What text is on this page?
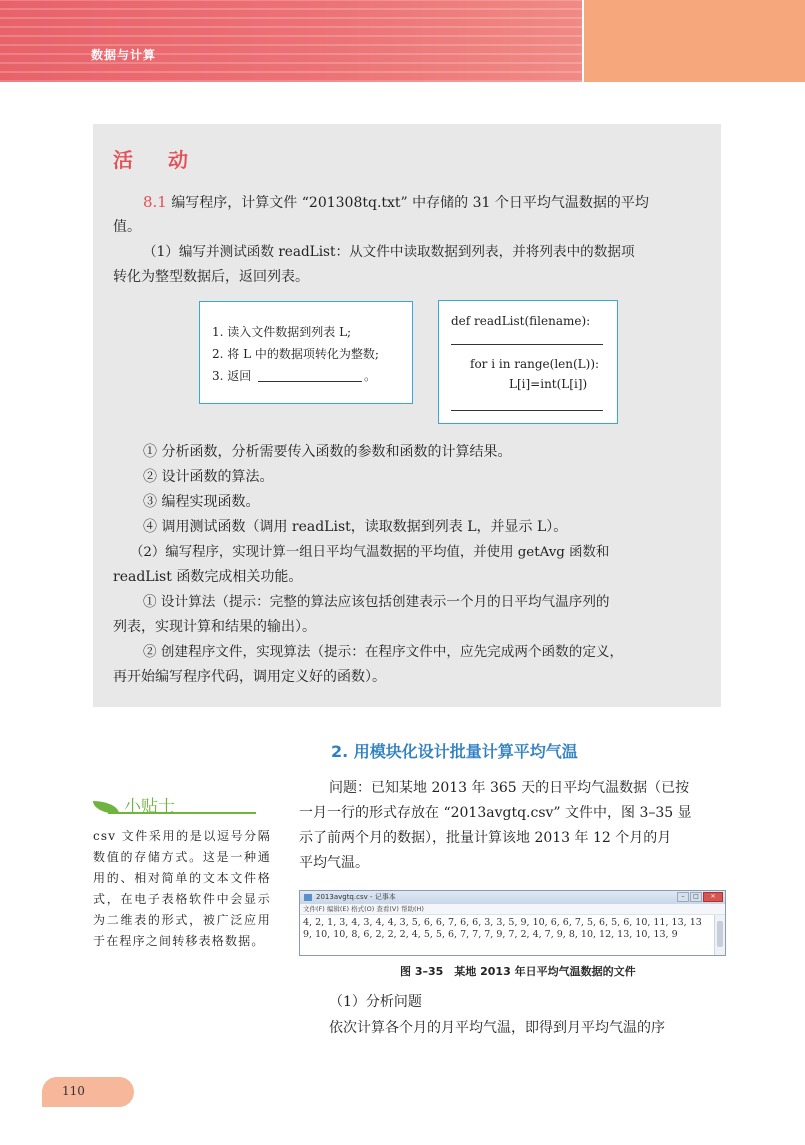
数据与计算
活 动
8.1 编写程序，计算文件 “201308tq.txt” 中存储的 31 个日平均气温数据的平均
值。
（1）编写并测试函数 readList：从文件中读取数据到列表，并将列表中的数据项
转化为整型数据后，返回列表。
1. 读入文件数据到列表 L;
2. 将 L 中的数据项转化为整数;
3. 返回	。
def readList(filename):
for i in range(len(L)):
L[i]=int(L[i])
① 分析函数，分析需要传入函数的参数和函数的计算结果。
② 设计函数的算法。
③ 编程实现函数。
④ 调用测试函数（调用 readList，读取数据到列表 L，并显示 L）。
（2）编写程序，实现计算一组日平均气温数据的平均值，并使用 getAvg 函数和
readList 函数完成相关功能。
① 设计算法（提示：完整的算法应该包括创建表示一个月的日平均气温序列的
列表，实现计算和结果的输出）。
② 创建程序文件，实现算法（提示：在程序文件中，应先完成两个函数的定义，
再开始编写程序代码，调用定义好的函数）。
2. 用模块化设计批量计算平均气温
小贴士
csv 文件采用的是以逗号分隔数值的存储方式。这是一种通用的、相对简单的文本文件格式，在电子表格软件中会显示为二维表的形式，被广泛应用于在程序之间转移表格数据。
问题：已知某地 2013 年 365 天的日平均气温数据（已按
一月一行的形式存放在 “2013avgtq.csv” 文件中，图 3–35 显
示了前两个月的数据），批量计算该地 2013 年 12 个月的月
平均气温。
2013avgtq.csv - 记事本	–	□	✕
文件(F) 编辑(E) 格式(O) 查看(V) 帮助(H)
4, 2, 1, 3, 4, 3, 4, 4, 3, 5, 6, 6, 7, 6, 6, 3, 3, 5, 9, 10, 6, 6, 7, 5, 6, 5, 6, 10, 11, 13, 13
9, 10, 10, 8, 6, 2, 2, 2, 4, 5, 5, 6, 7, 7, 7, 9, 7, 2, 4, 7, 9, 8, 10, 12, 13, 10, 13, 9
图 3–35　某地 2013 年日平均气温数据的文件
（1）分析问题
依次计算各个月的月平均气温，即得到月平均气温的序
110
